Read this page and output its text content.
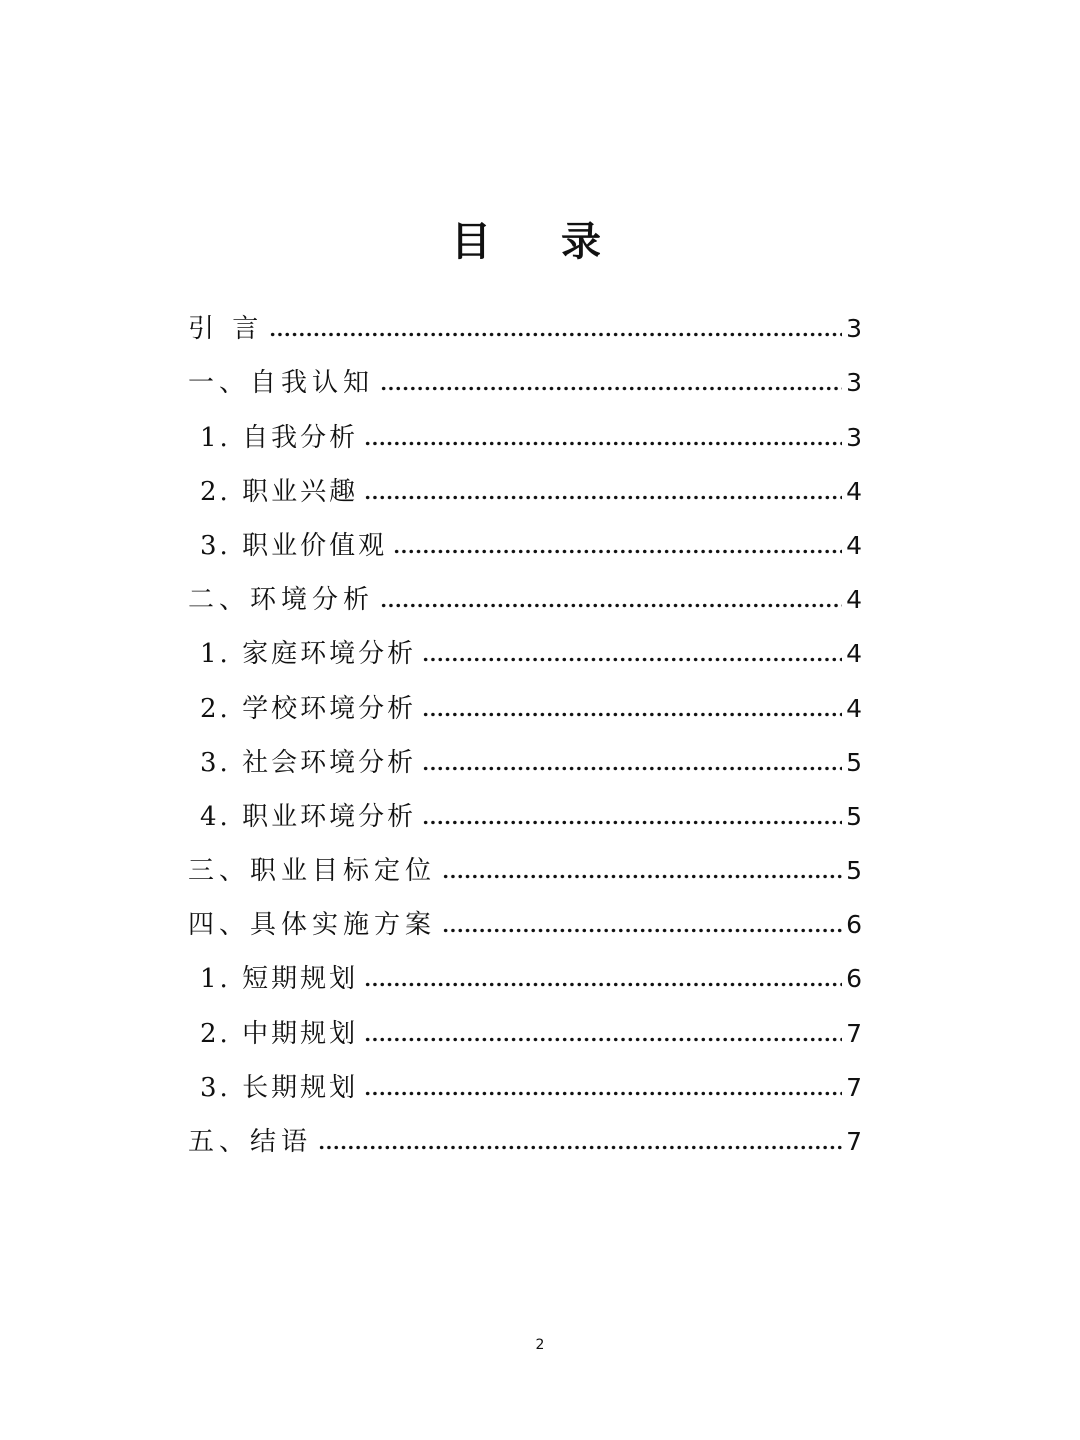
目 录
引 言	3
一、自我认知	3
1. 自我分析	3
2. 职业兴趣	4
3. 职业价值观	4
二、环境分析	4
1. 家庭环境分析	4
2. 学校环境分析	4
3. 社会环境分析	5
4. 职业环境分析	5
三、职业目标定位	5
四、具体实施方案	6
1. 短期规划	6
2. 中期规划	7
3. 长期规划	7
五、结语	7
2
